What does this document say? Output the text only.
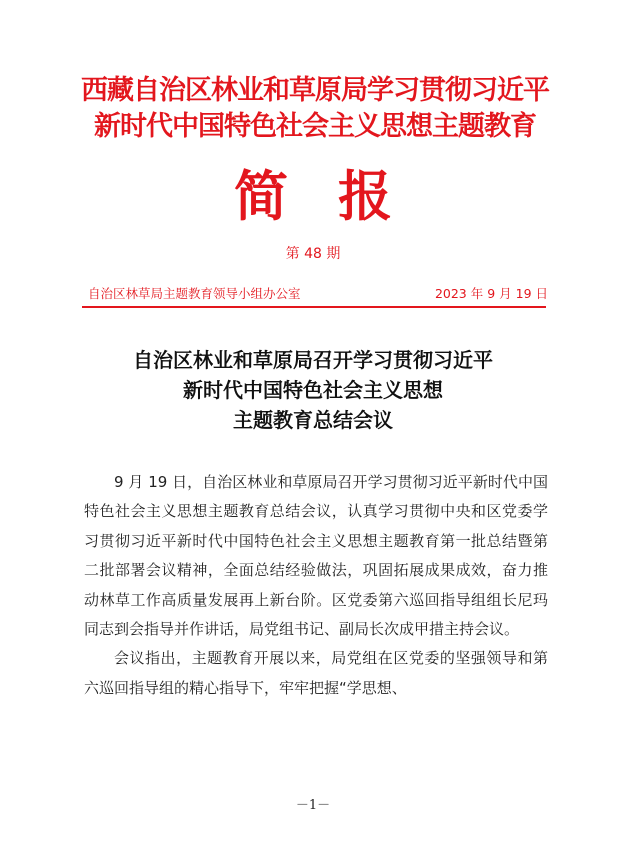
西藏自治区林业和草原局学习贯彻习近平
新时代中国特色社会主义思想主题教育
简报
第 48 期
自治区林草局主题教育领导小组办公室	2023 年 9 月 19 日
自治区林业和草原局召开学习贯彻习近平
新时代中国特色社会主义思想
主题教育总结会议

9 月 19 日，自治区林业和草原局召开学习贯彻习近平新时代中国特色社会主义思想主题教育总结会议，认真学习贯彻中央和区党委学习贯彻习近平新时代中国特色社会主义思想主题教育第一批总结暨第二批部署会议精神，全面总结经验做法，巩固拓展成果成效，奋力推动林草工作高质量发展再上新台阶。区党委第六巡回指导组组长尼玛同志到会指导并作讲话，局党组书记、副局长次成甲措主持会议。

会议指出，主题教育开展以来，局党组在区党委的坚强领导和第六巡回指导组的精心指导下，牢牢把握“学思想、

－1－
